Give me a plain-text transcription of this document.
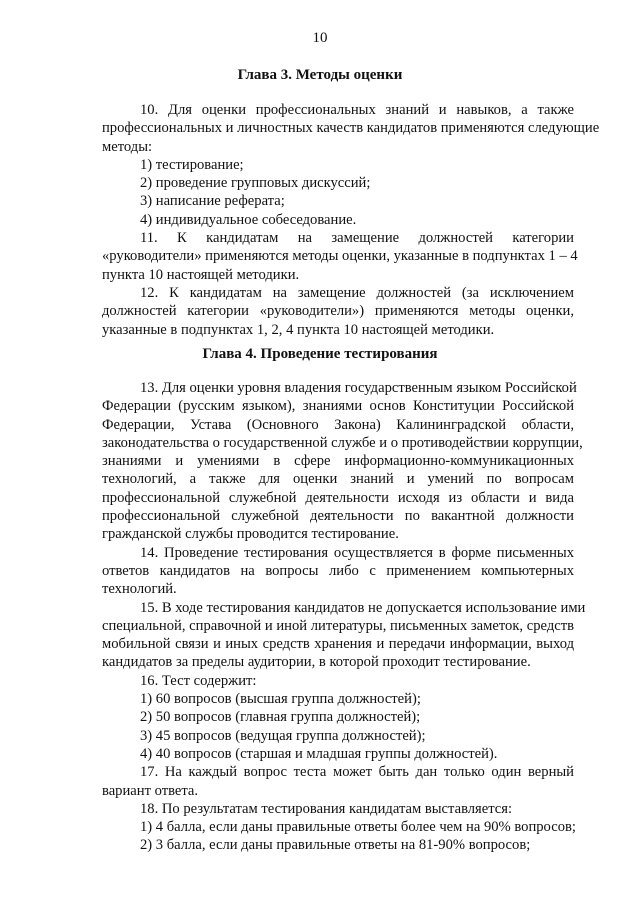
10
Глава 3. Методы оценки
10. Для оценки профессиональных знаний и навыков, а также
профессиональных и личностных качеств кандидатов применяются следующие
методы:
1) тестирование;
2) проведение групповых дискуссий;
3) написание реферата;
4) индивидуальное собеседование.
11. К кандидатам на замещение должностей категории
«руководители» применяются методы оценки, указанные в подпунктах 1 – 4
пункта 10 настоящей методики.
12. К кандидатам на замещение должностей (за исключением
должностей категории «руководители») применяются методы оценки,
указанные в подпунктах 1, 2, 4 пункта 10 настоящей методики.
Глава 4. Проведение тестирования
13. Для оценки уровня владения государственным языком Российской
Федерации (русским языком), знаниями основ Конституции Российской
Федерации, Устава (Основного Закона) Калининградской области,
законодательства о государственной службе и о противодействии коррупции,
знаниями и умениями в сфере информационно-коммуникационных
технологий, а также для оценки знаний и умений по вопросам
профессиональной служебной деятельности исходя из области и вида
профессиональной служебной деятельности по вакантной должности
гражданской службы проводится тестирование.
14. Проведение тестирования осуществляется в форме письменных
ответов кандидатов на вопросы либо с применением компьютерных
технологий.
15. В ходе тестирования кандидатов не допускается использование ими
специальной, справочной и иной литературы, письменных заметок, средств
мобильной связи и иных средств хранения и передачи информации, выход
кандидатов за пределы аудитории, в которой проходит тестирование.
16. Тест содержит:
1) 60 вопросов (высшая группа должностей);
2) 50 вопросов (главная группа должностей);
3) 45 вопросов (ведущая группа должностей);
4) 40 вопросов (старшая и младшая группы должностей).
17. На каждый вопрос теста может быть дан только один верный
вариант ответа.
18. По результатам тестирования кандидатам выставляется:
1) 4 балла, если даны правильные ответы более чем на 90% вопросов;
2) 3 балла, если даны правильные ответы на 81-90% вопросов;
